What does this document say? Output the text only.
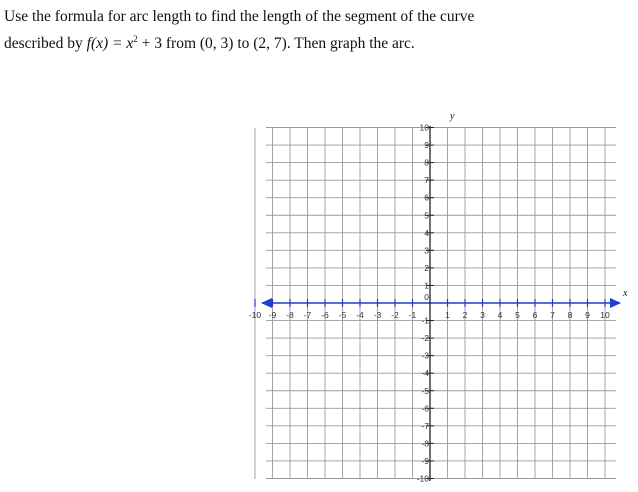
Use the formula for arc length to find the length of the segment of the curve
described by $f(x) = x^2 + 3$ from (0, 3) to (2, 7). Then graph the arc.
-10 -9 -8 -7 -6 -5 -4 -3 -2 -1	1 2 3 4 5 6 7 8 9 10
10
9
8
7
6
5
4
3
2
1
-1
-2
-3
-4
-5
-6
-7
-8
-9
-10
0	x
y
